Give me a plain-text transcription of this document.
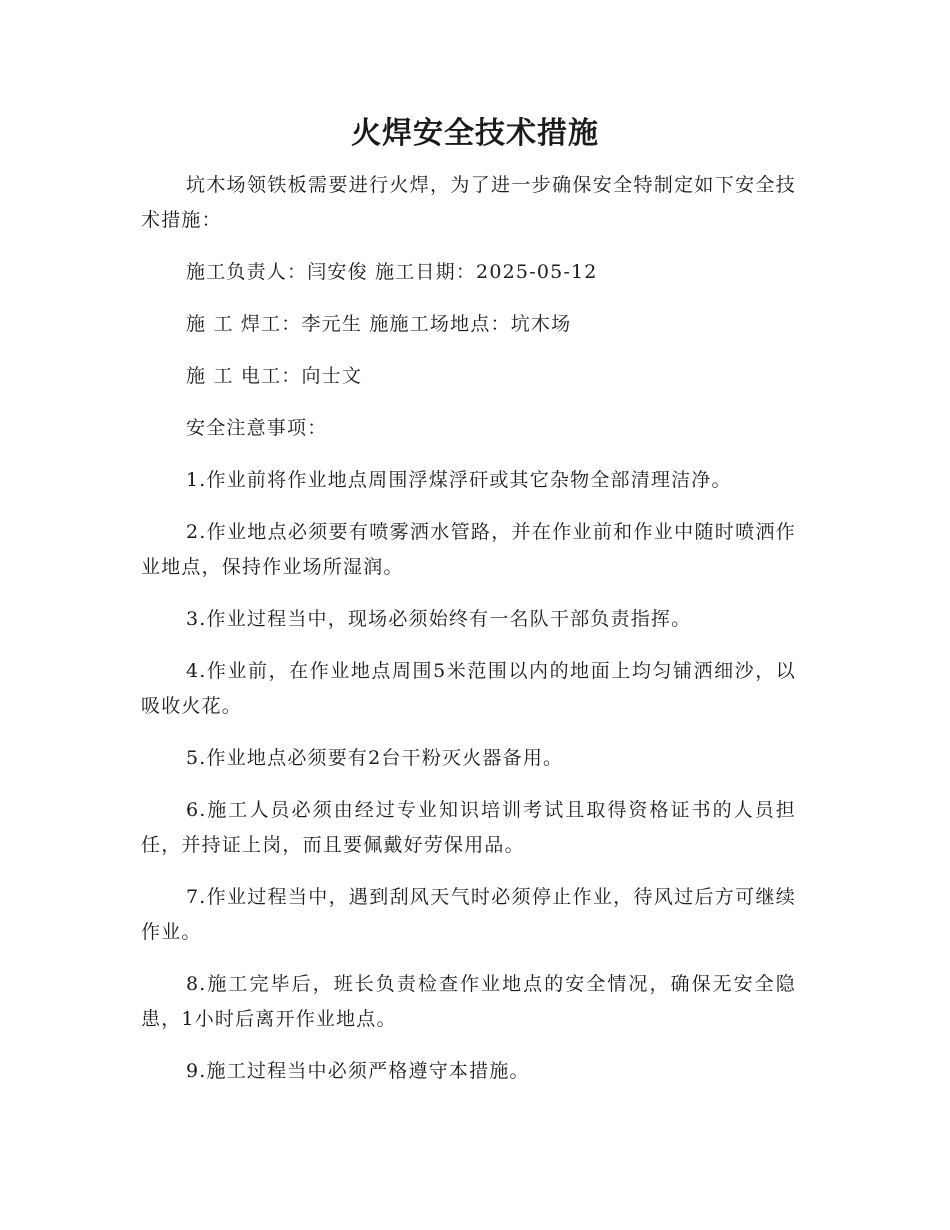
火焊安全技术措施

坑木场领铁板需要进行火焊，为了进一步确保安全特制定如下安全技术措施：

施工负责人：闫安俊 施工日期：2025-05-12

施 工 焊工：李元生 施施工场地点：坑木场

施 工 电工：向士文

安全注意事项：

1.作业前将作业地点周围浮煤浮矸或其它杂物全部清理洁净。

2.作业地点必须要有喷雾洒水管路，并在作业前和作业中随时喷洒作业地点，保持作业场所湿润。

3.作业过程当中，现场必须始终有一名队干部负责指挥。

4.作业前，在作业地点周围5米范围以内的地面上均匀铺洒细沙，以吸收火花。

5.作业地点必须要有2台干粉灭火器备用。

6.施工人员必须由经过专业知识培训考试且取得资格证书的人员担任，并持证上岗，而且要佩戴好劳保用品。

7.作业过程当中，遇到刮风天气时必须停止作业，待风过后方可继续作业。

8.施工完毕后，班长负责检查作业地点的安全情况，确保无安全隐患，1小时后离开作业地点。

9.施工过程当中必须严格遵守本措施。
